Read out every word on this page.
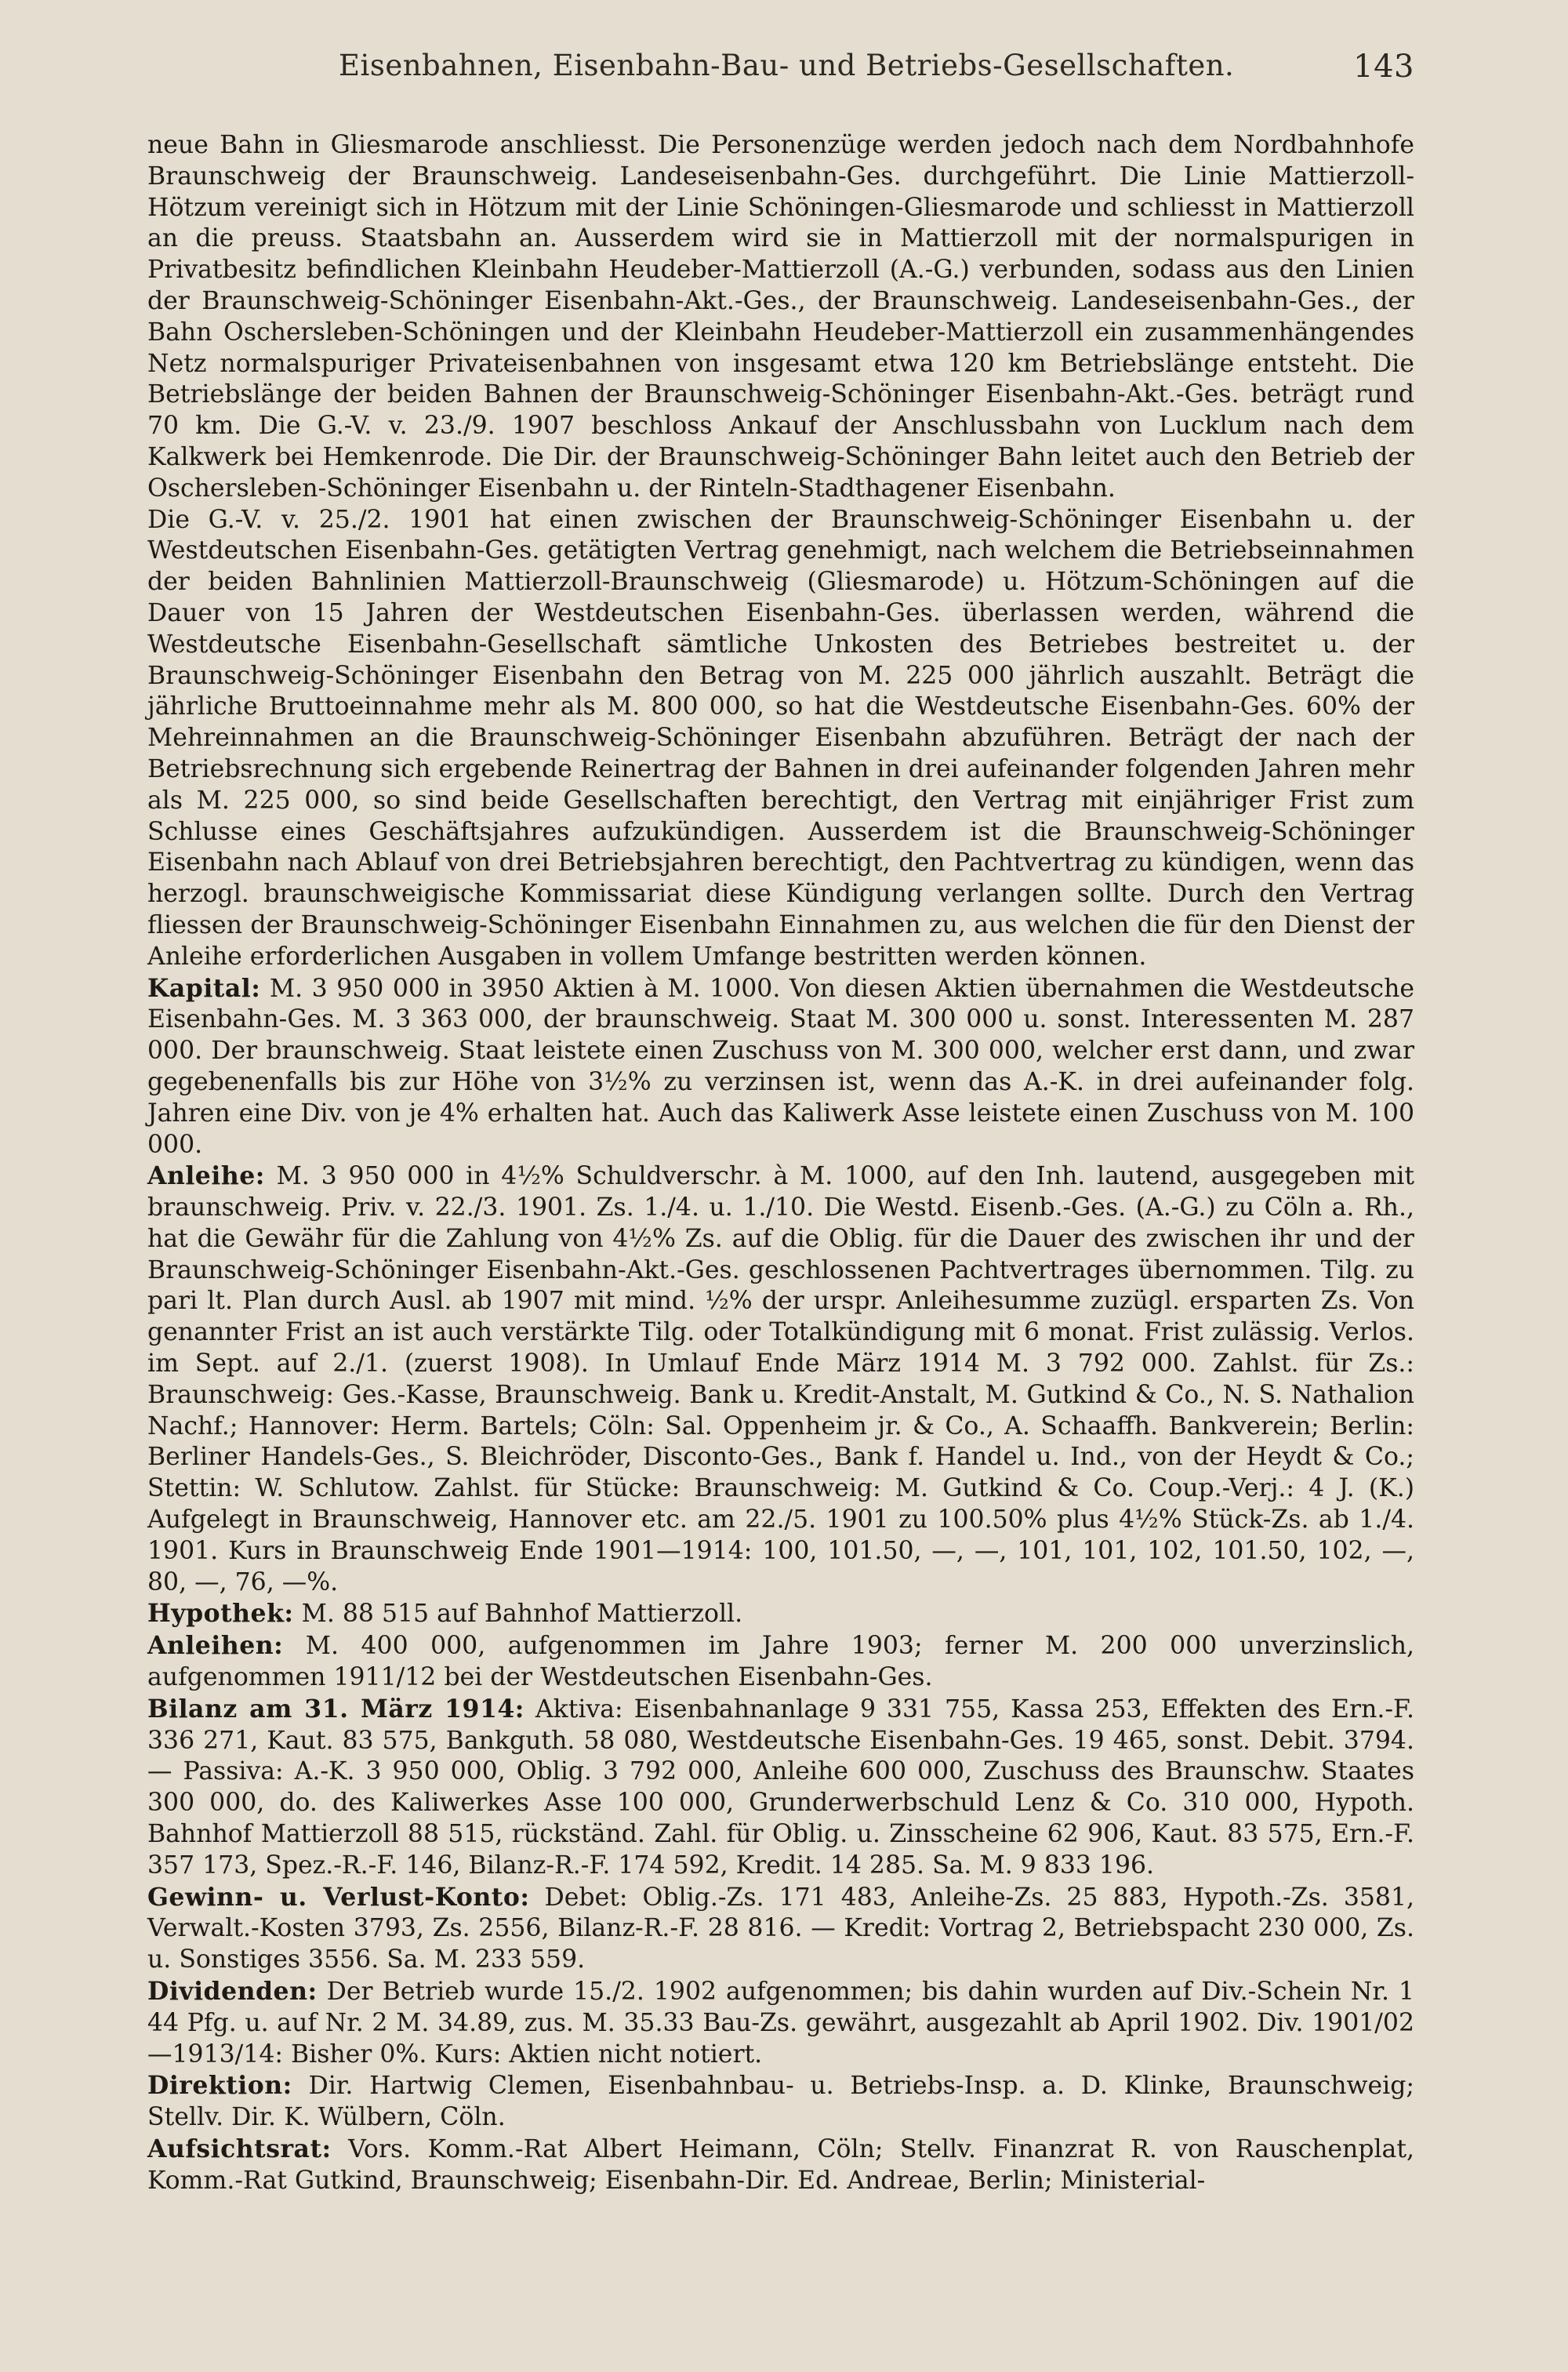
Eisenbahnen, Eisenbahn-Bau- und Betriebs-Gesellschaften.	143

neue Bahn in Gliesmarode anschliesst. Die Personenzüge werden jedoch nach dem Nordbahnhofe Braunschweig der Braunschweig. Landeseisenbahn-Ges. durchgeführt. Die Linie Mattierzoll-Hötzum vereinigt sich in Hötzum mit der Linie Schöningen-Gliesmarode und schliesst in Mattierzoll an die preuss. Staatsbahn an. Ausserdem wird sie in Mattierzoll mit der normalspurigen in Privatbesitz befindlichen Kleinbahn Heudeber-Mattierzoll (A.-G.) verbunden, sodass aus den Linien der Braunschweig-Schöninger Eisenbahn-Akt.-Ges., der Braunschweig. Landeseisenbahn-Ges., der Bahn Oschersleben-Schöningen und der Kleinbahn Heudeber-Mattierzoll ein zusammenhängendes Netz normalspuriger Privateisenbahnen von insgesamt etwa 120 km Betriebslänge entsteht. Die Betriebslänge der beiden Bahnen der Braunschweig-Schöninger Eisenbahn-Akt.-Ges. beträgt rund 70 km. Die G.-V. v. 23./9. 1907 beschloss Ankauf der Anschlussbahn von Lucklum nach dem Kalkwerk bei Hemkenrode. Die Dir. der Braunschweig-Schöninger Bahn leitet auch den Betrieb der Oschersleben-Schöninger Eisenbahn u. der Rinteln-Stadthagener Eisenbahn.

Die G.-V. v. 25./2. 1901 hat einen zwischen der Braunschweig-Schöninger Eisenbahn u. der Westdeutschen Eisenbahn-Ges. getätigten Vertrag genehmigt, nach welchem die Betriebseinnahmen der beiden Bahnlinien Mattierzoll-Braunschweig (Gliesmarode) u. Hötzum-Schöningen auf die Dauer von 15 Jahren der Westdeutschen Eisenbahn-Ges. überlassen werden, während die Westdeutsche Eisenbahn-Gesellschaft sämtliche Unkosten des Betriebes bestreitet u. der Braunschweig-Schöninger Eisenbahn den Betrag von M. 225 000 jährlich auszahlt. Beträgt die jährliche Bruttoeinnahme mehr als M. 800 000, so hat die Westdeutsche Eisenbahn-Ges. 60% der Mehreinnahmen an die Braunschweig-Schöninger Eisenbahn abzuführen. Beträgt der nach der Betriebsrechnung sich ergebende Reinertrag der Bahnen in drei aufeinander folgenden Jahren mehr als M. 225 000, so sind beide Gesellschaften berechtigt, den Vertrag mit einjähriger Frist zum Schlusse eines Geschäftsjahres aufzukündigen. Ausserdem ist die Braunschweig-Schöninger Eisenbahn nach Ablauf von drei Betriebsjahren berechtigt, den Pachtvertrag zu kündigen, wenn das herzogl. braunschweigische Kommissariat diese Kündigung verlangen sollte. Durch den Vertrag fliessen der Braunschweig-Schöninger Eisenbahn Einnahmen zu, aus welchen die für den Dienst der Anleihe erforderlichen Ausgaben in vollem Umfange bestritten werden können.

Kapital: M. 3 950 000 in 3950 Aktien à M. 1000. Von diesen Aktien übernahmen die Westdeutsche Eisenbahn-Ges. M. 3 363 000, der braunschweig. Staat M. 300 000 u. sonst. Interessenten M. 287 000. Der braunschweig. Staat leistete einen Zuschuss von M. 300 000, welcher erst dann, und zwar gegebenenfalls bis zur Höhe von 3½% zu verzinsen ist, wenn das A.-K. in drei aufeinander folg. Jahren eine Div. von je 4% erhalten hat. Auch das Kaliwerk Asse leistete einen Zuschuss von M. 100 000.

Anleihe: M. 3 950 000 in 4½% Schuldverschr. à M. 1000, auf den Inh. lautend, ausgegeben mit braunschweig. Priv. v. 22./3. 1901. Zs. 1./4. u. 1./10. Die Westd. Eisenb.-Ges. (A.-G.) zu Cöln a. Rh., hat die Gewähr für die Zahlung von 4½% Zs. auf die Oblig. für die Dauer des zwischen ihr und der Braunschweig-Schöninger Eisenbahn-Akt.-Ges. geschlossenen Pachtvertrages übernommen. Tilg. zu pari lt. Plan durch Ausl. ab 1907 mit mind. ½% der urspr. Anleihesumme zuzügl. ersparten Zs. Von genannter Frist an ist auch verstärkte Tilg. oder Totalkündigung mit 6 monat. Frist zulässig. Verlos. im Sept. auf 2./1. (zuerst 1908). In Umlauf Ende März 1914 M. 3 792 000. Zahlst. für Zs.: Braunschweig: Ges.-Kasse, Braunschweig. Bank u. Kredit-Anstalt, M. Gutkind & Co., N. S. Nathalion Nachf.; Hannover: Herm. Bartels; Cöln: Sal. Oppenheim jr. & Co., A. Schaaffh. Bankverein; Berlin: Berliner Handels-Ges., S. Bleichröder, Disconto-Ges., Bank f. Handel u. Ind., von der Heydt & Co.; Stettin: W. Schlutow. Zahlst. für Stücke: Braunschweig: M. Gutkind & Co. Coup.-Verj.: 4 J. (K.) Aufgelegt in Braunschweig, Hannover etc. am 22./5. 1901 zu 100.50% plus 4½% Stück-Zs. ab 1./4. 1901. Kurs in Braunschweig Ende 1901—1914: 100, 101.50, —, —, 101, 101, 102, 101.50, 102, —, 80, —, 76, —%.

Hypothek: M. 88 515 auf Bahnhof Mattierzoll.

Anleihen: M. 400 000, aufgenommen im Jahre 1903; ferner M. 200 000 unverzinslich, aufgenommen 1911/12 bei der Westdeutschen Eisenbahn-Ges.

Bilanz am 31. März 1914: Aktiva: Eisenbahnanlage 9 331 755, Kassa 253, Effekten des Ern.-F. 336 271, Kaut. 83 575, Bankguth. 58 080, Westdeutsche Eisenbahn-Ges. 19 465, sonst. Debit. 3794. — Passiva: A.-K. 3 950 000, Oblig. 3 792 000, Anleihe 600 000, Zuschuss des Braunschw. Staates 300 000, do. des Kaliwerkes Asse 100 000, Grunderwerbschuld Lenz & Co. 310 000, Hypoth. Bahnhof Mattierzoll 88 515, rückständ. Zahl. für Oblig. u. Zinsscheine 62 906, Kaut. 83 575, Ern.-F. 357 173, Spez.-R.-F. 146, Bilanz-R.-F. 174 592, Kredit. 14 285. Sa. M. 9 833 196.

Gewinn- u. Verlust-Konto: Debet: Oblig.-Zs. 171 483, Anleihe-Zs. 25 883, Hypoth.-Zs. 3581, Verwalt.-Kosten 3793, Zs. 2556, Bilanz-R.-F. 28 816. — Kredit: Vortrag 2, Betriebspacht 230 000, Zs. u. Sonstiges 3556. Sa. M. 233 559.

Dividenden: Der Betrieb wurde 15./2. 1902 aufgenommen; bis dahin wurden auf Div.-Schein Nr. 1 44 Pfg. u. auf Nr. 2 M. 34.89, zus. M. 35.33 Bau-Zs. gewährt, ausgezahlt ab April 1902. Div. 1901/02—1913/14: Bisher 0%. Kurs: Aktien nicht notiert.

Direktion: Dir. Hartwig Clemen, Eisenbahnbau- u. Betriebs-Insp. a. D. Klinke, Braunschweig; Stellv. Dir. K. Wülbern, Cöln.

Aufsichtsrat: Vors. Komm.-Rat Albert Heimann, Cöln; Stellv. Finanzrat R. von Rauschenplat, Komm.-Rat Gutkind, Braunschweig; Eisenbahn-Dir. Ed. Andreae, Berlin; Ministerial-
